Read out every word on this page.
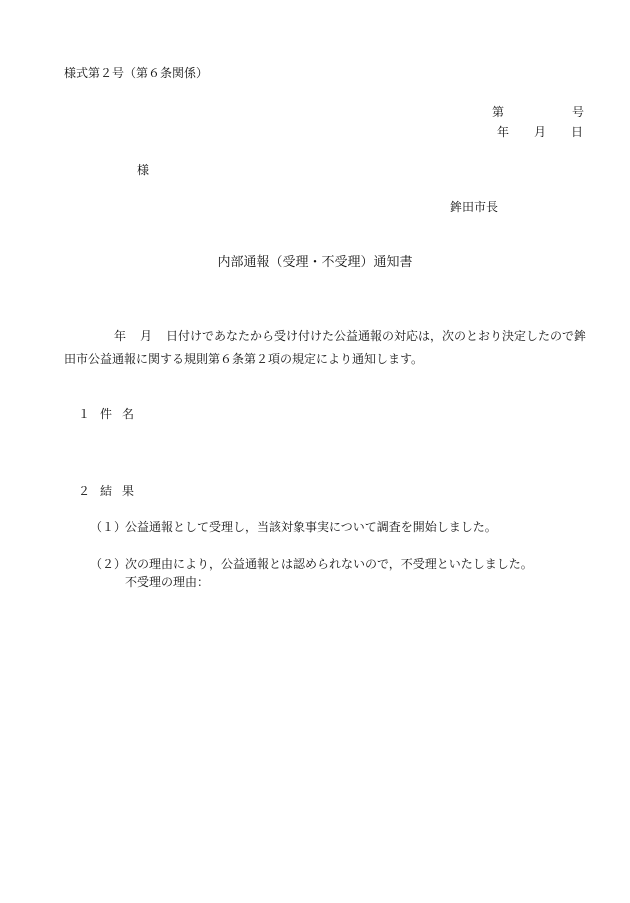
様式第２号（第６条関係）
第	号
年 月 日
様
鉾田市長
内部通報（受理・不受理）通知書
年 月 日付けであなたから受け付けた公益通報の対応は，次のとおり決定したので鉾
田市公益通報に関する規則第６条第２項の規定により通知します。
１ 件 名
２ 結 果
（１）公益通報として受理し，当該対象事実について調査を開始しました。
（２）次の理由により，公益通報とは認められないので，不受理といたしました。
不受理の理由：
